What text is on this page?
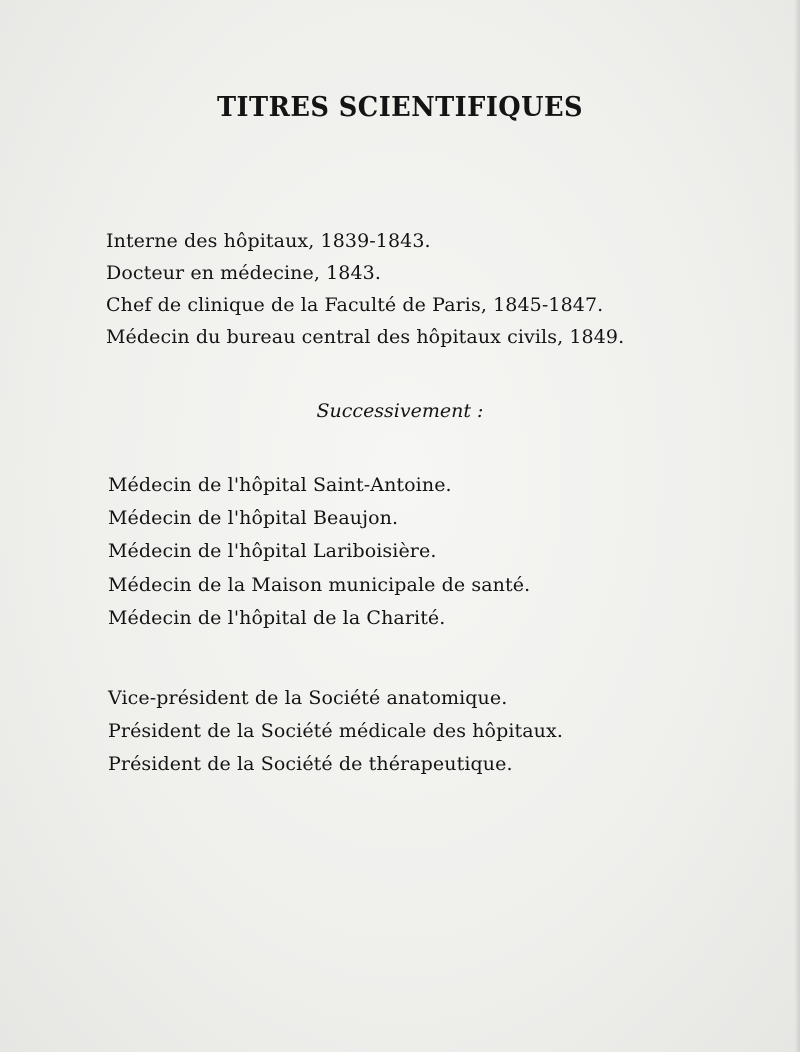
TITRES SCIENTIFIQUES
Interne des hôpitaux, 1839-1843.
Docteur en médecine, 1843.
Chef de clinique de la Faculté de Paris, 1845-1847.
Médecin du bureau central des hôpitaux civils, 1849.
Successivement :
Médecin de l'hôpital Saint-Antoine.
Médecin de l'hôpital Beaujon.
Médecin de l'hôpital Lariboisière.
Médecin de la Maison municipale de santé.
Médecin de l'hôpital de la Charité.
Vice-président de la Société anatomique.
Président de la Société médicale des hôpitaux.
Président de la Société de thérapeutique.
